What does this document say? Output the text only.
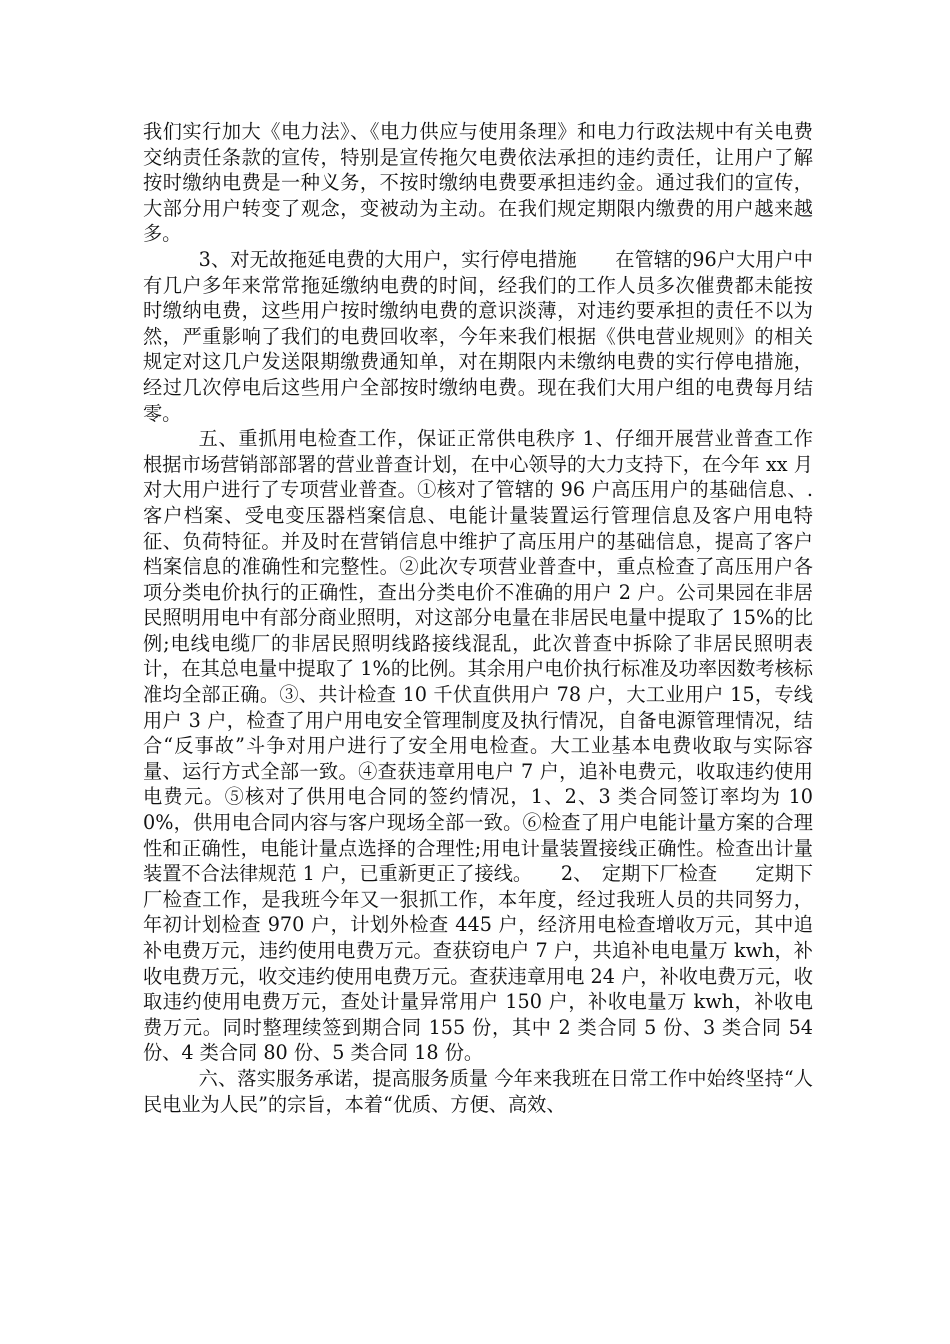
我们实行加大《电力法》、《电力供应与使用条理》和电力行政法规中有关电费交纳责任条款的宣传，特别是宣传拖欠电费依法承担的违约责任，让用户了解按时缴纳电费是一种义务，不按时缴纳电费要承担违约金。通过我们的宣传，大部分用户转变了观念，变被动为主动。在我们规定期限内缴费的用户越来越多。

3、对无故拖延电费的大用户，实行停电措施　　在管辖的96户大用户中有几户多年来常常拖延缴纳电费的时间，经我们的工作人员多次催费都未能按时缴纳电费，这些用户按时缴纳电费的意识淡薄，对违约要承担的责任不以为然，严重影响了我们的电费回收率，今年来我们根据《供电营业规则》的相关规定对这几户发送限期缴费通知单，对在期限内未缴纳电费的实行停电措施，经过几次停电后这些用户全部按时缴纳电费。现在我们大用户组的电费每月结零。

五、重抓用电检查工作，保证正常供电秩序 1、仔细开展营业普查工作　　根据市场营销部部署的营业普查计划，在中心领导的大力支持下，在今年 xx 月对大用户进行了专项营业普查。①核对了管辖的 96 户高压用户的基础信息、.客户档案、受电变压器档案信息、电能计量装置运行管理信息及客户用电特征、负荷特征。并及时在营销信息中维护了高压用户的基础信息，提高了客户档案信息的准确性和完整性。②此次专项营业普查中，重点检查了高压用户各项分类电价执行的正确性，查出分类电价不准确的用户 2 户。公司果园在非居民照明用电中有部分商业照明，对这部分电量在非居民电量中提取了 15%的比例;电线电缆厂的非居民照明线路接线混乱，此次普查中拆除了非居民照明表计，在其总电量中提取了 1%的比例。其余用户电价执行标准及功率因数考核标准均全部正确。③、共计检查 10 千伏直供用户 78 户，大工业用户 15，专线用户 3 户，检查了用户用电安全管理制度及执行情况，自备电源管理情况，结合“反事故”斗争对用户进行了安全用电检查。大工业基本电费收取与实际容量、运行方式全部一致。④查获违章用电户 7 户，追补电费元，收取违约使用电费元。⑤核对了供用电合同的签约情况，1、2、3 类合同签订率均为 100%，供用电合同内容与客户现场全部一致。⑥检查了用户电能计量方案的合理性和正确性，电能计量点选择的合理性;用电计量装置接线正确性。检查出计量装置不合法律规范 1 户，已重新更正了接线。　　2、　定期下厂检查　　定期下厂检查工作，是我班今年又一狠抓工作，本年度，经过我班人员的共同努力，年初计划检查 970 户，计划外检查 445 户，经济用电检查增收万元，其中追补电费万元，违约使用电费万元。查获窃电户 7 户，共追补电电量万 kwh，补收电费万元，收交违约使用电费万元。查获违章用电 24 户，补收电费万元，收取违约使用电费万元，查处计量异常用户 150 户，补收电量万 kwh，补收电费万元。同时整理续签到期合同 155 份，其中 2 类合同 5 份、3 类合同 54 份、4 类合同 80 份、5 类合同 18 份。

六、落实服务承诺，提高服务质量 今年来我班在日常工作中始终坚持“人民电业为人民”的宗旨，本着“优质、方便、高效、
